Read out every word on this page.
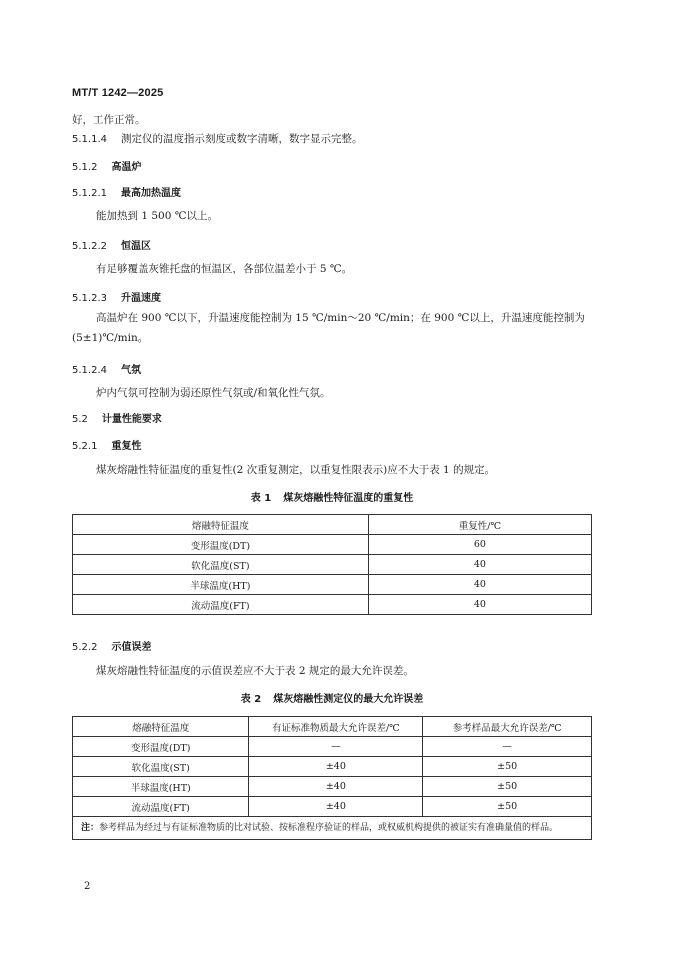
MT/T 1242—2025
好，工作正常。
5.1.1.4 测定仪的温度指示刻度或数字清晰，数字显示完整。
5.1.2 高温炉
5.1.2.1 最高加热温度
能加热到 1 500 ℃以上。
5.1.2.2 恒温区
有足够覆盖灰锥托盘的恒温区，各部位温差小于 5 ℃。
5.1.2.3 升温速度
高温炉在 900 ℃以下，升温速度能控制为 15 ℃/min～20 ℃/min；在 900 ℃以上，升温速度能控制为(5±1)℃/min。
5.1.2.4 气氛
炉内气氛可控制为弱还原性气氛或/和氧化性气氛。
5.2 计量性能要求
5.2.1 重复性
煤灰熔融性特征温度的重复性(2 次重复测定，以重复性限表示)应不大于表 1 的规定。
表 1 煤灰熔融性特征温度的重复性
熔融特征温度	重复性/℃
变形温度(DT)	60
软化温度(ST)	40
半球温度(HT)	40
流动温度(FT)	40
5.2.2 示值误差
煤灰熔融性特征温度的示值误差应不大于表 2 规定的最大允许误差。
表 2 煤灰熔融性测定仪的最大允许误差
熔融特征温度	有证标准物质最大允许误差/℃	参考样品最大允许误差/℃
变形温度(DT)	—	—
软化温度(ST)	±40	±50
半球温度(HT)	±40	±50
流动温度(FT)	±40	±50
注：参考样品为经过与有证标准物质的比对试验、按标准程序验证的样品，或权威机构提供的被证实有准确量值的样品。		
2
